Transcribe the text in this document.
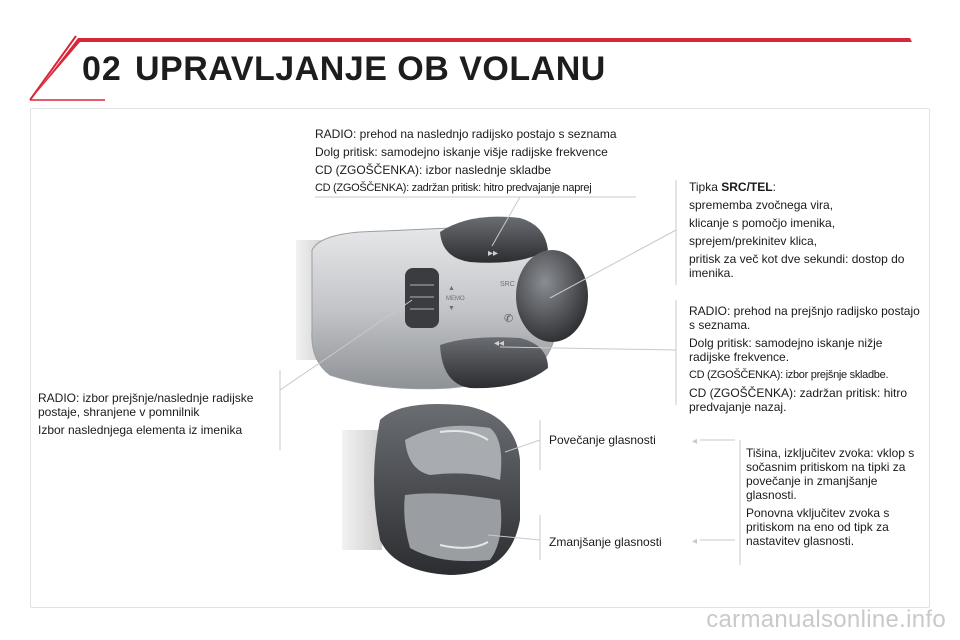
02 UPRAVLJANJE OB VOLANU
▸▸
◂◂
SRC
✆
MEMO
▲
▼
◂
◂

RADIO: prehod na naslednjo radijsko postajo s seznama

Dolg pritisk: samodejno iskanje višje radijske frekvence

CD (ZGOŠČENKA): izbor naslednje skladbe

CD (ZGOŠČENKA): zadržan pritisk: hitro predvajanje naprej	Tipka SRC/TEL:

sprememba zvočnega vira,

klicanje s pomočjo imenika,

sprejem/prekinitev klica,

pritisk za več kot dve sekundi: dostop do imenika.

RADIO: prehod na prejšnjo radijsko postajo s seznama.

Dolg pritisk: samodejno iskanje nižje radijske frekvence.

CD (ZGOŠČENKA): izbor prejšnje skladbe.

CD (ZGOŠČENKA): zadržan pritisk: hitro predvajanje nazaj.

RADIO: izbor prejšnje/naslednje radijske postaje, shranjene v pomnilnik

Izbor naslednjega elementa iz imenika

Povečanje glasnosti
Zmanjšanje glasnosti

Tišina, izključitev zvoka: vklop s sočasnim pritiskom na tipki za povečanje in zmanjšanje glasnosti.

Ponovna vključitev zvoka s pritiskom na eno od tipk za nastavitev glasnosti.

carmanualsonline.info
